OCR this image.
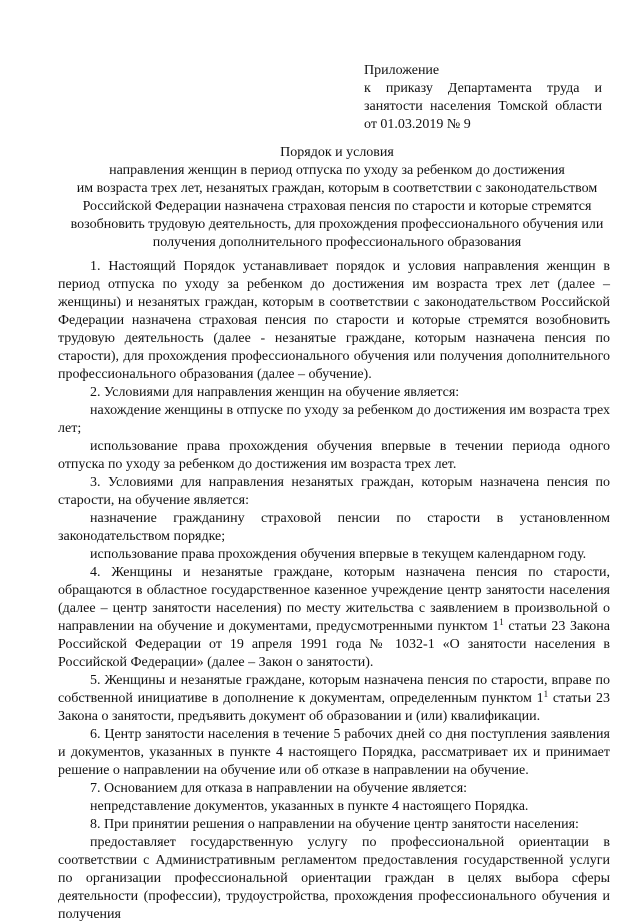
Приложение
к приказу Департамента труда и
занятости населения Томской области
от 01.03.2019 № 9
Порядок и условия
направления женщин в период отпуска по уходу за ребенком до достижения
им возраста трех лет, незанятых граждан, которым в соответствии с законодательством
Российской Федерации назначена страховая пенсия по старости и которые стремятся
возобновить трудовую деятельность, для прохождения профессионального обучения или
получения дополнительного профессионального образования

1. Настоящий Порядок устанавливает порядок и условия направления женщин в период отпуска по уходу за ребенком до достижения им возраста трех лет (далее – женщины) и незанятых граждан, которым в соответствии с законодательством Российской Федерации назначена страховая пенсия по старости и которые стремятся возобновить трудовую деятельность (далее - незанятые граждане, которым назначена пенсия по старости), для прохождения профессионального обучения или получения дополнительного профессионального образования (далее – обучение).

2. Условиями для направления женщин на обучение является:

нахождение женщины в отпуске по уходу за ребенком до достижения им возраста трех лет;

использование права прохождения обучения впервые в течении периода одного отпуска по уходу за ребенком до достижения им возраста трех лет.

3. Условиями для направления незанятых граждан, которым назначена пенсия по старости, на обучение является:

назначение гражданину страховой пенсии по старости в установленном законодательством порядке;

использование права прохождения обучения впервые в текущем календарном году.

4. Женщины и незанятые граждане, которым назначена пенсия по старости, обращаются в областное государственное казенное учреждение центр занятости населения (далее – центр занятости населения) по месту жительства с заявлением в произвольной о направлении на обучение и документами, предусмотренными пунктом $1^1$ статьи 23 Закона Российской Федерации от 19 апреля 1991 года № 1032-1 «О занятости населения в Российской Федерации» (далее – Закон о занятости).

5. Женщины и незанятые граждане, которым назначена пенсия по старости, вправе по собственной инициативе в дополнение к документам, определенным пунктом $1^1$ статьи 23 Закона о занятости, предъявить документ об образовании и (или) квалификации.

6. Центр занятости населения в течение 5 рабочих дней со дня поступления заявления и документов, указанных в пункте 4 настоящего Порядка, рассматривает их и принимает решение о направлении на обучение или об отказе в направлении на обучение.

7. Основанием для отказа в направлении на обучение является:

непредставление документов, указанных в пункте 4 настоящего Порядка.

8. При принятии решения о направлении на обучение центр занятости населения:

предоставляет государственную услугу по профессиональной ориентации в соответствии с Административным регламентом предоставления государственной услуги по организации профессиональной ориентации граждан в целях выбора сферы деятельности (профессии), трудоустройства, прохождения профессионального обучения и получения
